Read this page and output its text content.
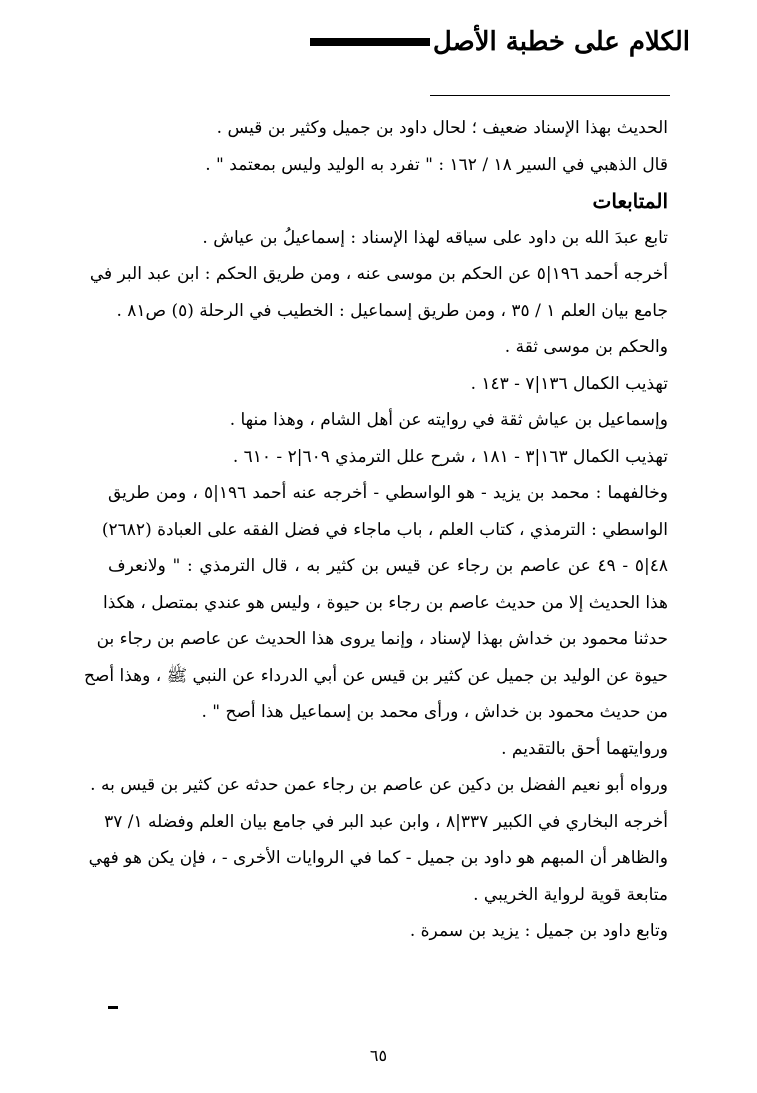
الكلام على خطبة الأصل
الحديث بهذا الإسناد ضعيف ؛ لحال داود بن جميل وكثير بن قيس .
قال الذهبي في السير ١٨ / ١٦٢ : " تفرد به الوليد وليس بمعتمد " .
المتابعات
تابع عبدَ الله بن داود على سياقه لهذا الإسناد : إسماعيلُ بن عياش .
أخرجه أحمد ١٩٦|٥ عن الحكم بن موسى عنه ، ومن طريق الحكم : ابن عبد البر في
جامع بيان العلم ١ / ٣٥ ، ومن طريق إسماعيل : الخطيب في الرحلة (٥) ص٨١ .
والحكم بن موسى ثقة .
تهذيب الكمال ١٣٦|٧ - ١٤٣ .
وإسماعيل بن عياش ثقة في روايته عن أهل الشام ، وهذا منها .
تهذيب الكمال ١٦٣|٣ - ١٨١ ، شرح علل الترمذي ٦٠٩|٢ - ٦١٠ .
وخالفهما : محمد بن يزيد - هو الواسطي - أخرجه عنه أحمد ١٩٦|٥ ، ومن طريق
الواسطي : الترمذي ، كتاب العلم ، باب ماجاء في فضل الفقه على العبادة (٢٦٨٢)
٤٨|٥ - ٤٩ عن عاصم بن رجاء عن قيس بن كثير به ، قال الترمذي : " ولانعرف
هذا الحديث إلا من حديث عاصم بن رجاء بن حيوة ، وليس هو عندي بمتصل ، هكذا
حدثنا محمود بن خداش بهذا لإسناد ، وإنما يروى هذا الحديث عن عاصم بن رجاء بن
حيوة عن الوليد بن جميل عن كثير بن قيس عن أبي الدرداء عن النبي ﷺ ، وهذا أصح
من حديث محمود بن خداش ، ورأى محمد بن إسماعيل هذا أصح " .
وروايتهما أحق بالتقديم .
ورواه أبو نعيم الفضل بن دكين عن عاصم بن رجاء عمن حدثه عن كثير بن قيس به .
أخرجه البخاري في الكبير ٣٣٧|٨ ، وابن عبد البر في جامع بيان العلم وفضله ١/ ٣٧
والظاهر أن المبهم هو داود بن جميل - كما في الروايات الأخرى - ، فإن يكن هو فهي
متابعة قوية لرواية الخريبي .
وتابع داود بن جميل : يزيد بن سمرة .
٦٥
